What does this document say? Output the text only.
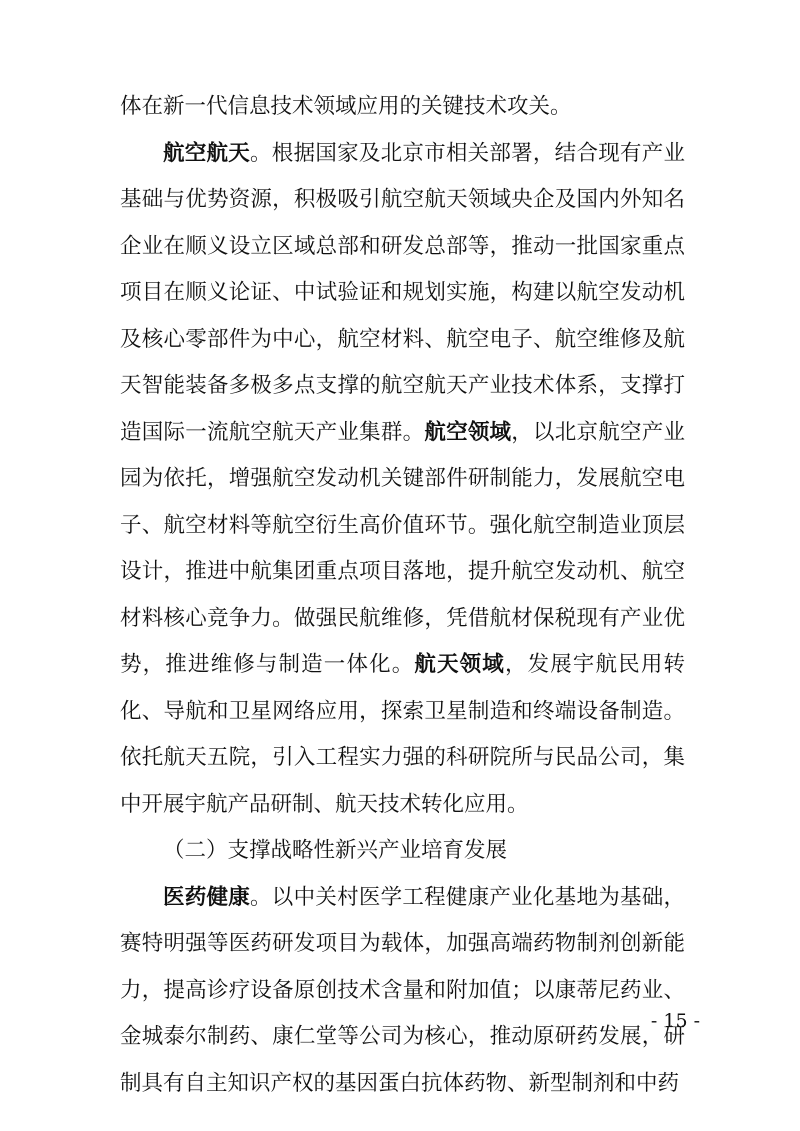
体在新一代信息技术领域应用的关键技术攻关。

航空航天。根据国家及北京市相关部署，结合现有产业基础与优势资源，积极吸引航空航天领域央企及国内外知名企业在顺义设立区域总部和研发总部等，推动一批国家重点项目在顺义论证、中试验证和规划实施，构建以航空发动机及核心零部件为中心，航空材料、航空电子、航空维修及航天智能装备多极多点支撑的航空航天产业技术体系，支撑打造国际一流航空航天产业集群。航空领域，以北京航空产业园为依托，增强航空发动机关键部件研制能力，发展航空电子、航空材料等航空衍生高价值环节。强化航空制造业顶层设计，推进中航集团重点项目落地，提升航空发动机、航空材料核心竞争力。做强民航维修，凭借航材保税现有产业优势，推进维修与制造一体化。航天领域，发展宇航民用转化、导航和卫星网络应用，探索卫星制造和终端设备制造。依托航天五院，引入工程实力强的科研院所与民品公司，集中开展宇航产品研制、航天技术转化应用。

（二）支撑战略性新兴产业培育发展

医药健康。以中关村医学工程健康产业化基地为基础，赛特明强等医药研发项目为载体，加强高端药物制剂创新能力，提高诊疗设备原创技术含量和附加值；以康蒂尼药业、金城泰尔制药、康仁堂等公司为核心，推动原研药发展，研制具有自主知识产权的基因蛋白抗体药物、新型制剂和中药

- 15 -
